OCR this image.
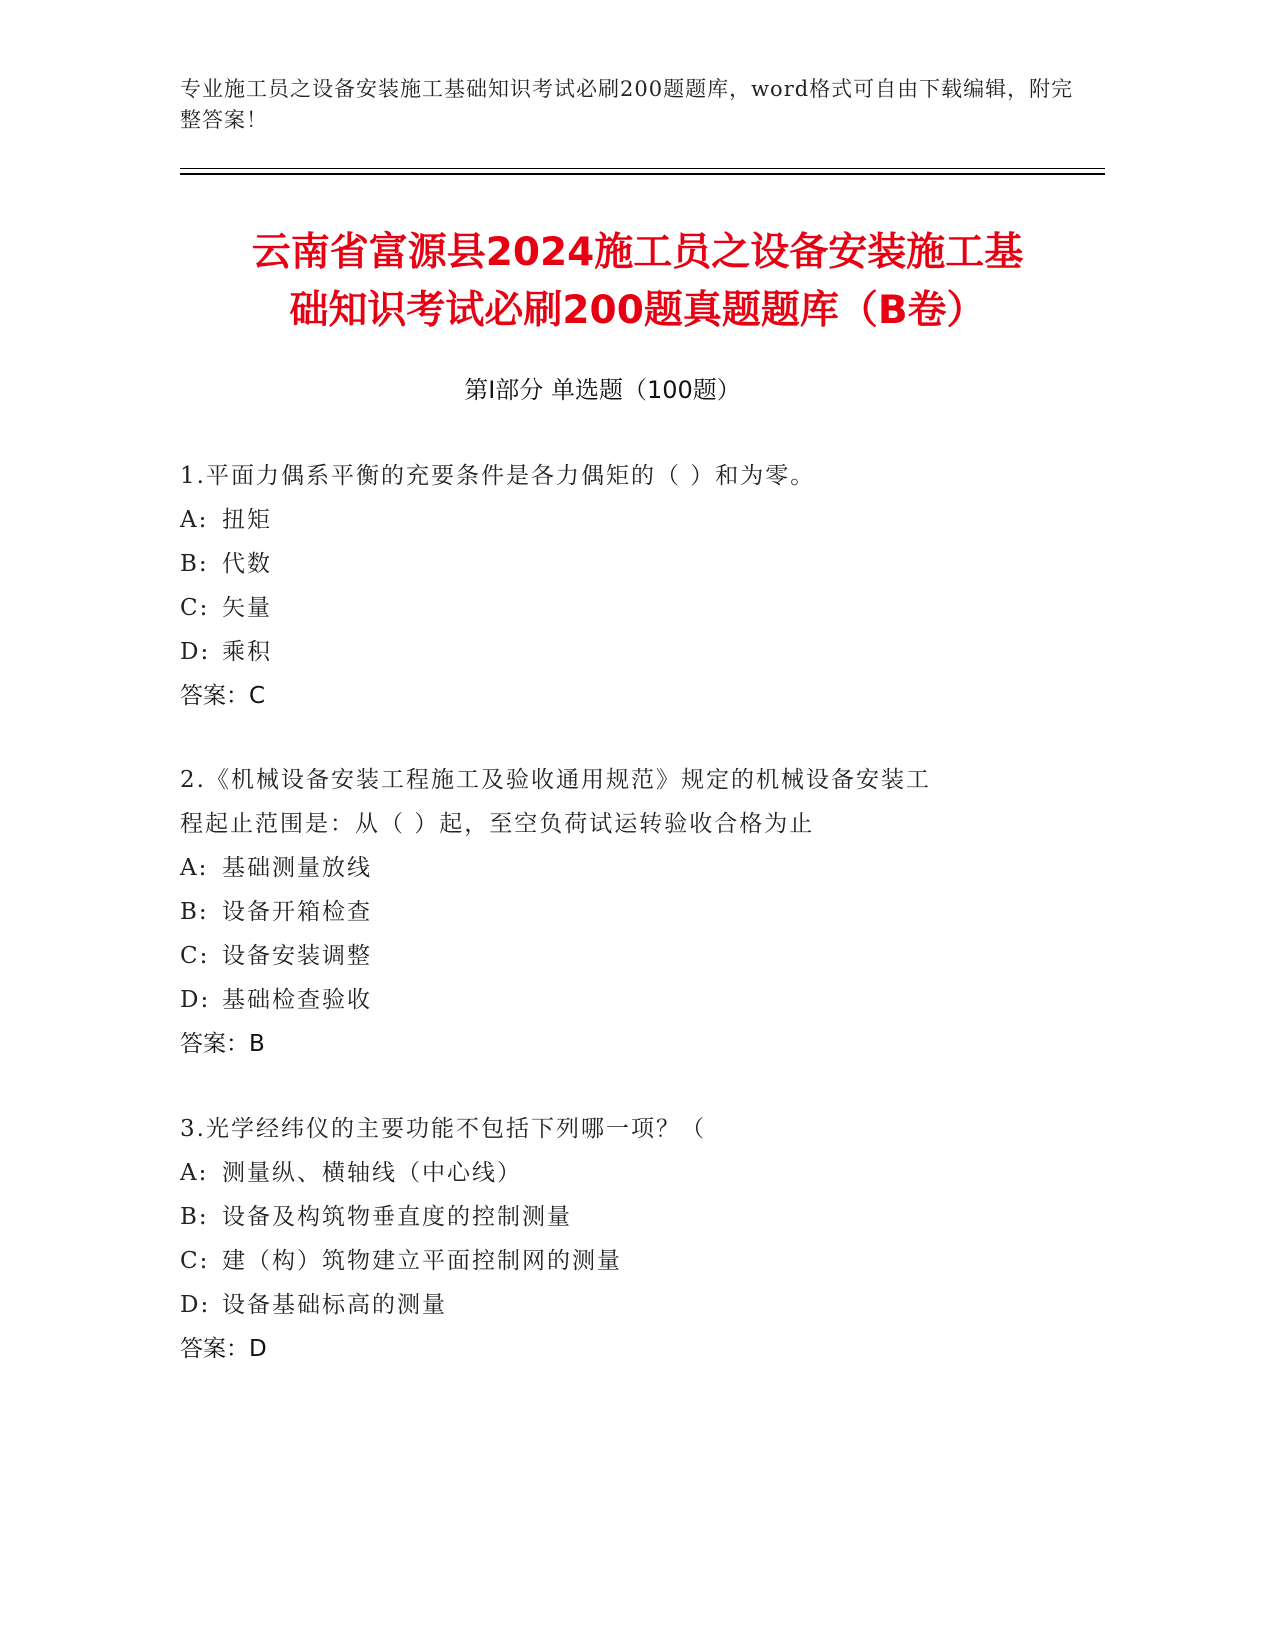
专业施工员之设备安装施工基础知识考试必刷200题题库，word格式可自由下载编辑，附完整答案！
云南省富源县2024施工员之设备安装施工基
础知识考试必刷200题真题题库（B卷）
第I部分 单选题（100题）
1.平面力偶系平衡的充要条件是各力偶矩的（ ）和为零。
A: 扭矩
B: 代数
C: 矢量
D: 乘积
答案：C
2.《机械设备安装工程施工及验收通用规范》规定的机械设备安装工
程起止范围是：从（ ）起，至空负荷试运转验收合格为止
A: 基础测量放线
B: 设备开箱检查
C: 设备安装调整
D: 基础检查验收
答案：B
3.光学经纬仪的主要功能不包括下列哪一项？（
A: 测量纵、横轴线（中心线）
B: 设备及构筑物垂直度的控制测量
C: 建（构）筑物建立平面控制网的测量
D: 设备基础标高的测量
答案：D
